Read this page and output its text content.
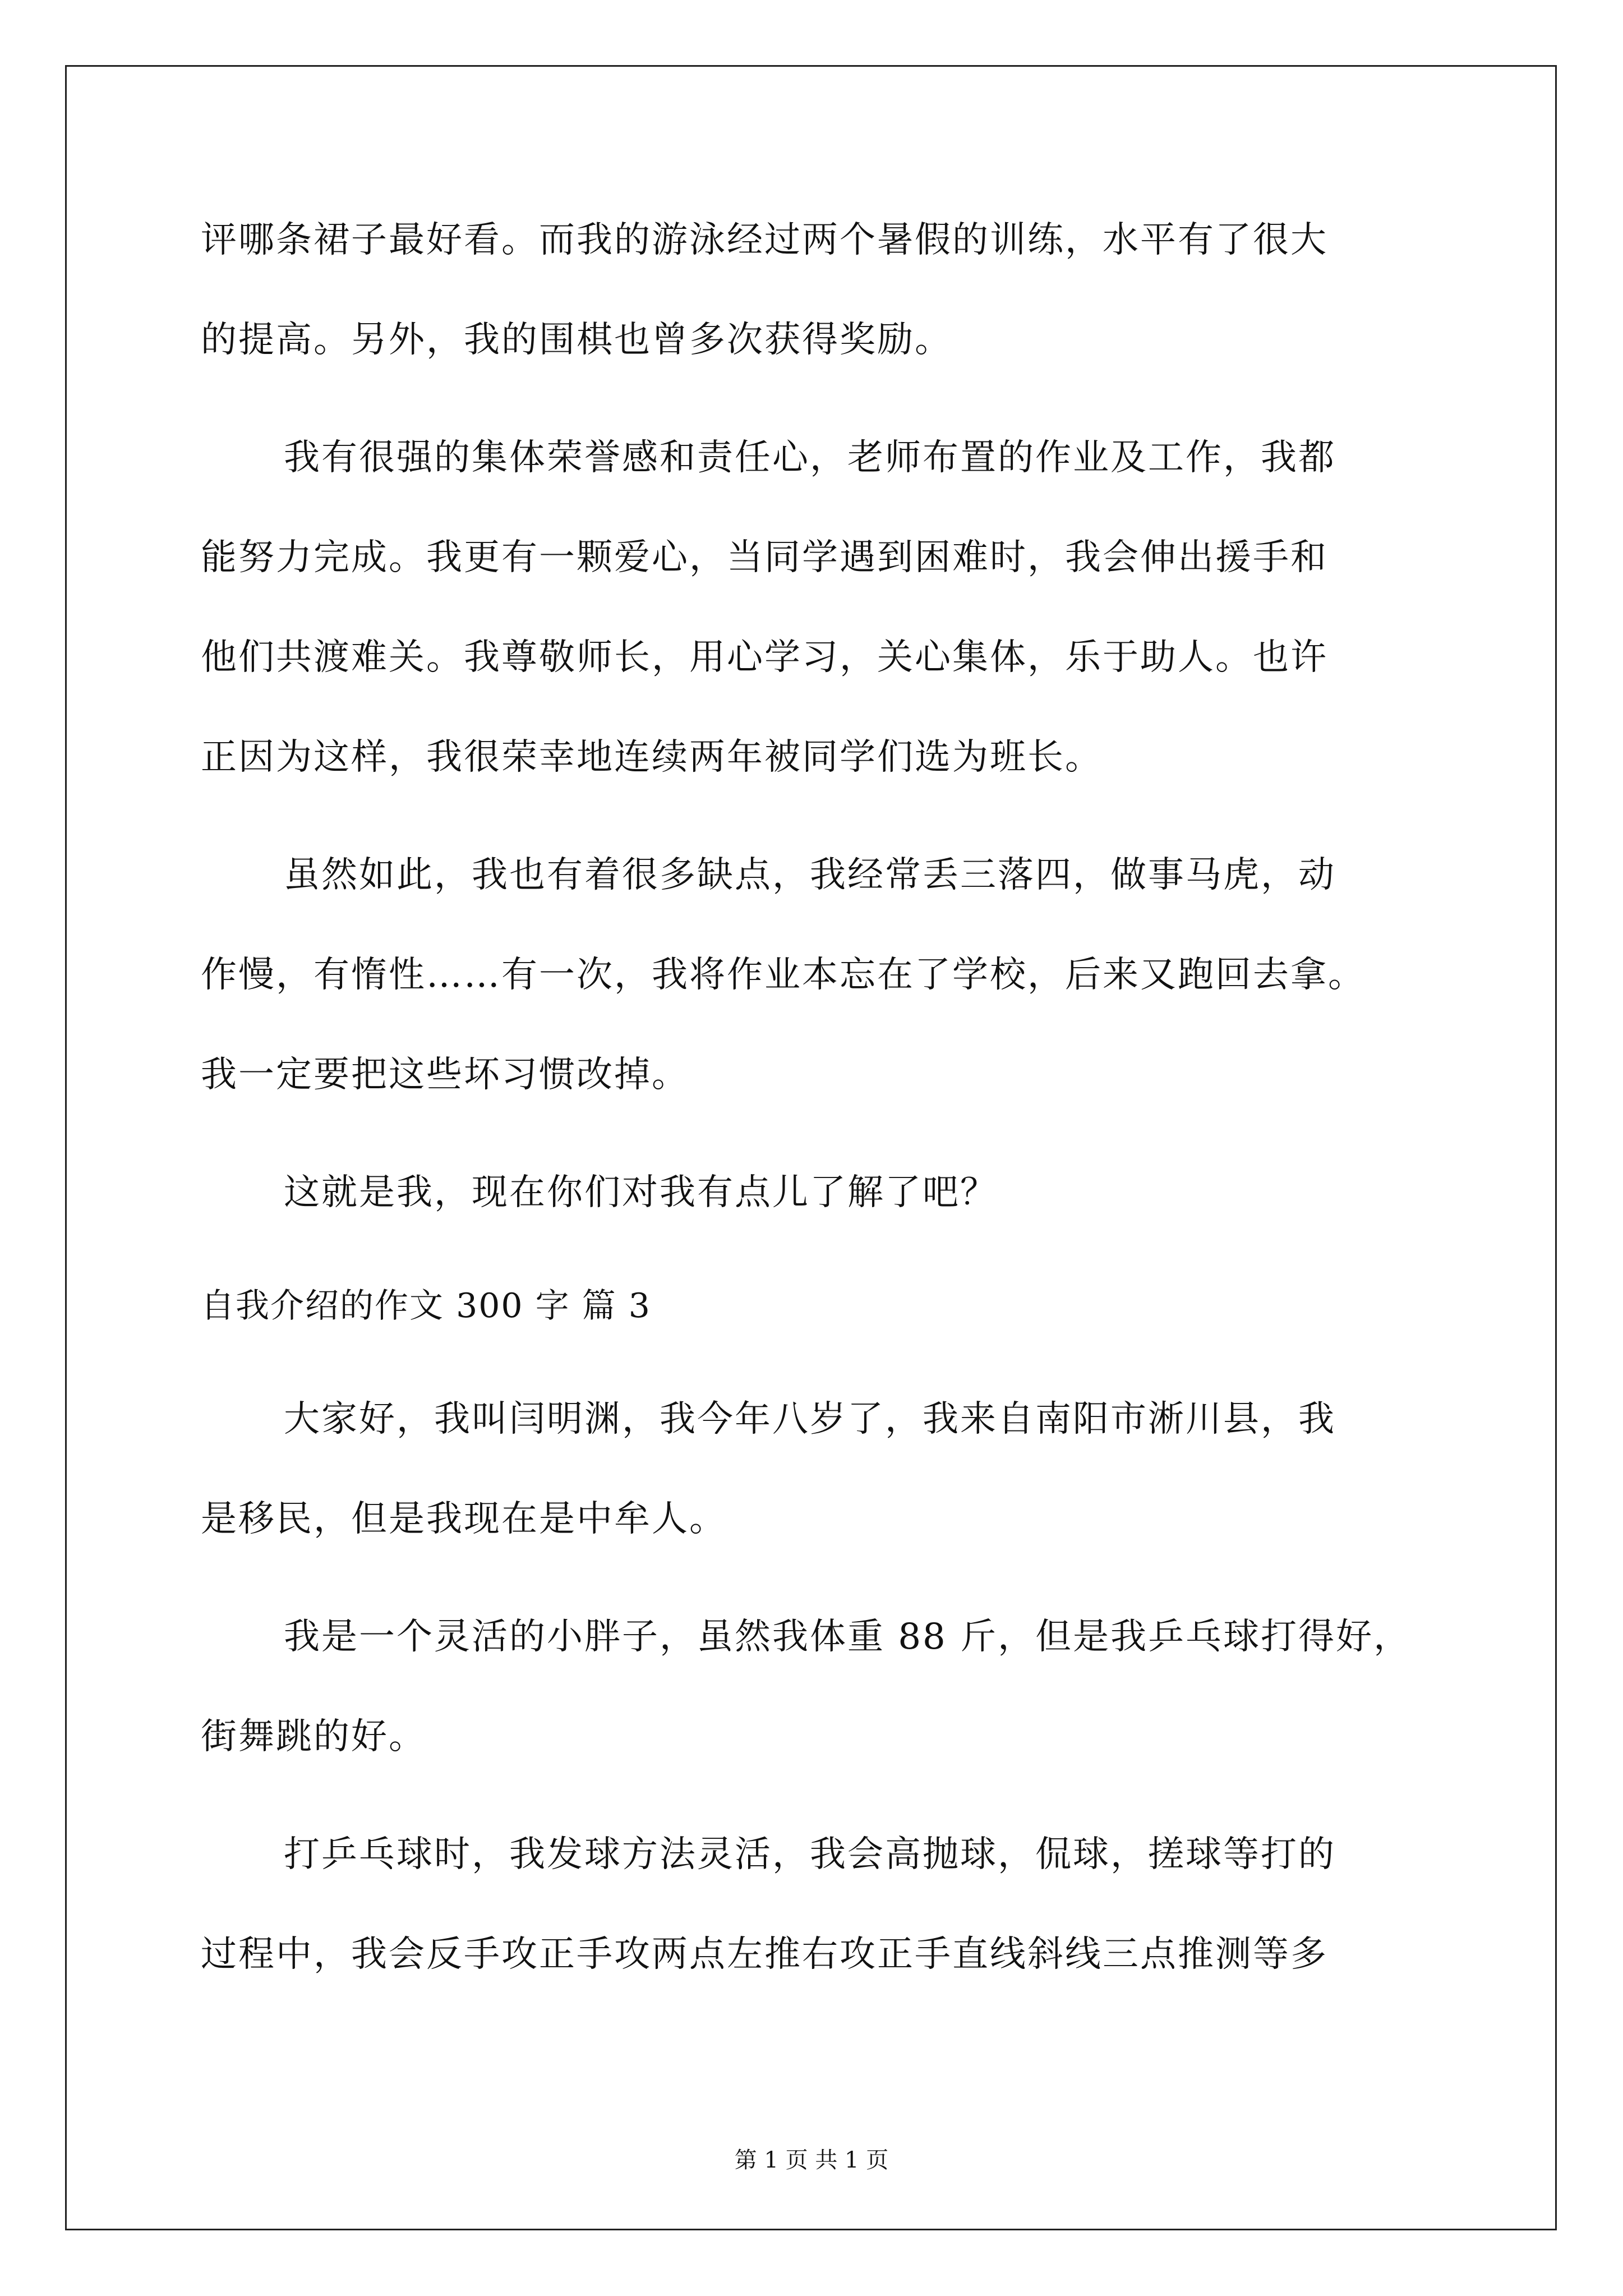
评哪条裙子最好看。而我的游泳经过两个暑假的训练，水平有了很大
的提高。另外，我的围棋也曾多次获得奖励。
我有很强的集体荣誉感和责任心，老师布置的作业及工作，我都
能努力完成。我更有一颗爱心，当同学遇到困难时，我会伸出援手和
他们共渡难关。我尊敬师长，用心学习，关心集体，乐于助人。也许
正因为这样，我很荣幸地连续两年被同学们选为班长。
虽然如此，我也有着很多缺点，我经常丢三落四，做事马虎，动
作慢，有惰性……有一次，我将作业本忘在了学校，后来又跑回去拿。
我一定要把这些坏习惯改掉。
这就是我，现在你们对我有点儿了解了吧？
自我介绍的作文 300 字 篇 3
大家好，我叫闫明渊，我今年八岁了，我来自南阳市淅川县，我
是移民，但是我现在是中牟人。
我是一个灵活的小胖子，虽然我体重 88 斤，但是我乒乓球打得好，
街舞跳的好。
打乒乓球时，我发球方法灵活，我会高抛球，侃球，搓球等打的
过程中，我会反手攻正手攻两点左推右攻正手直线斜线三点推测等多
第 1 页 共 1 页
